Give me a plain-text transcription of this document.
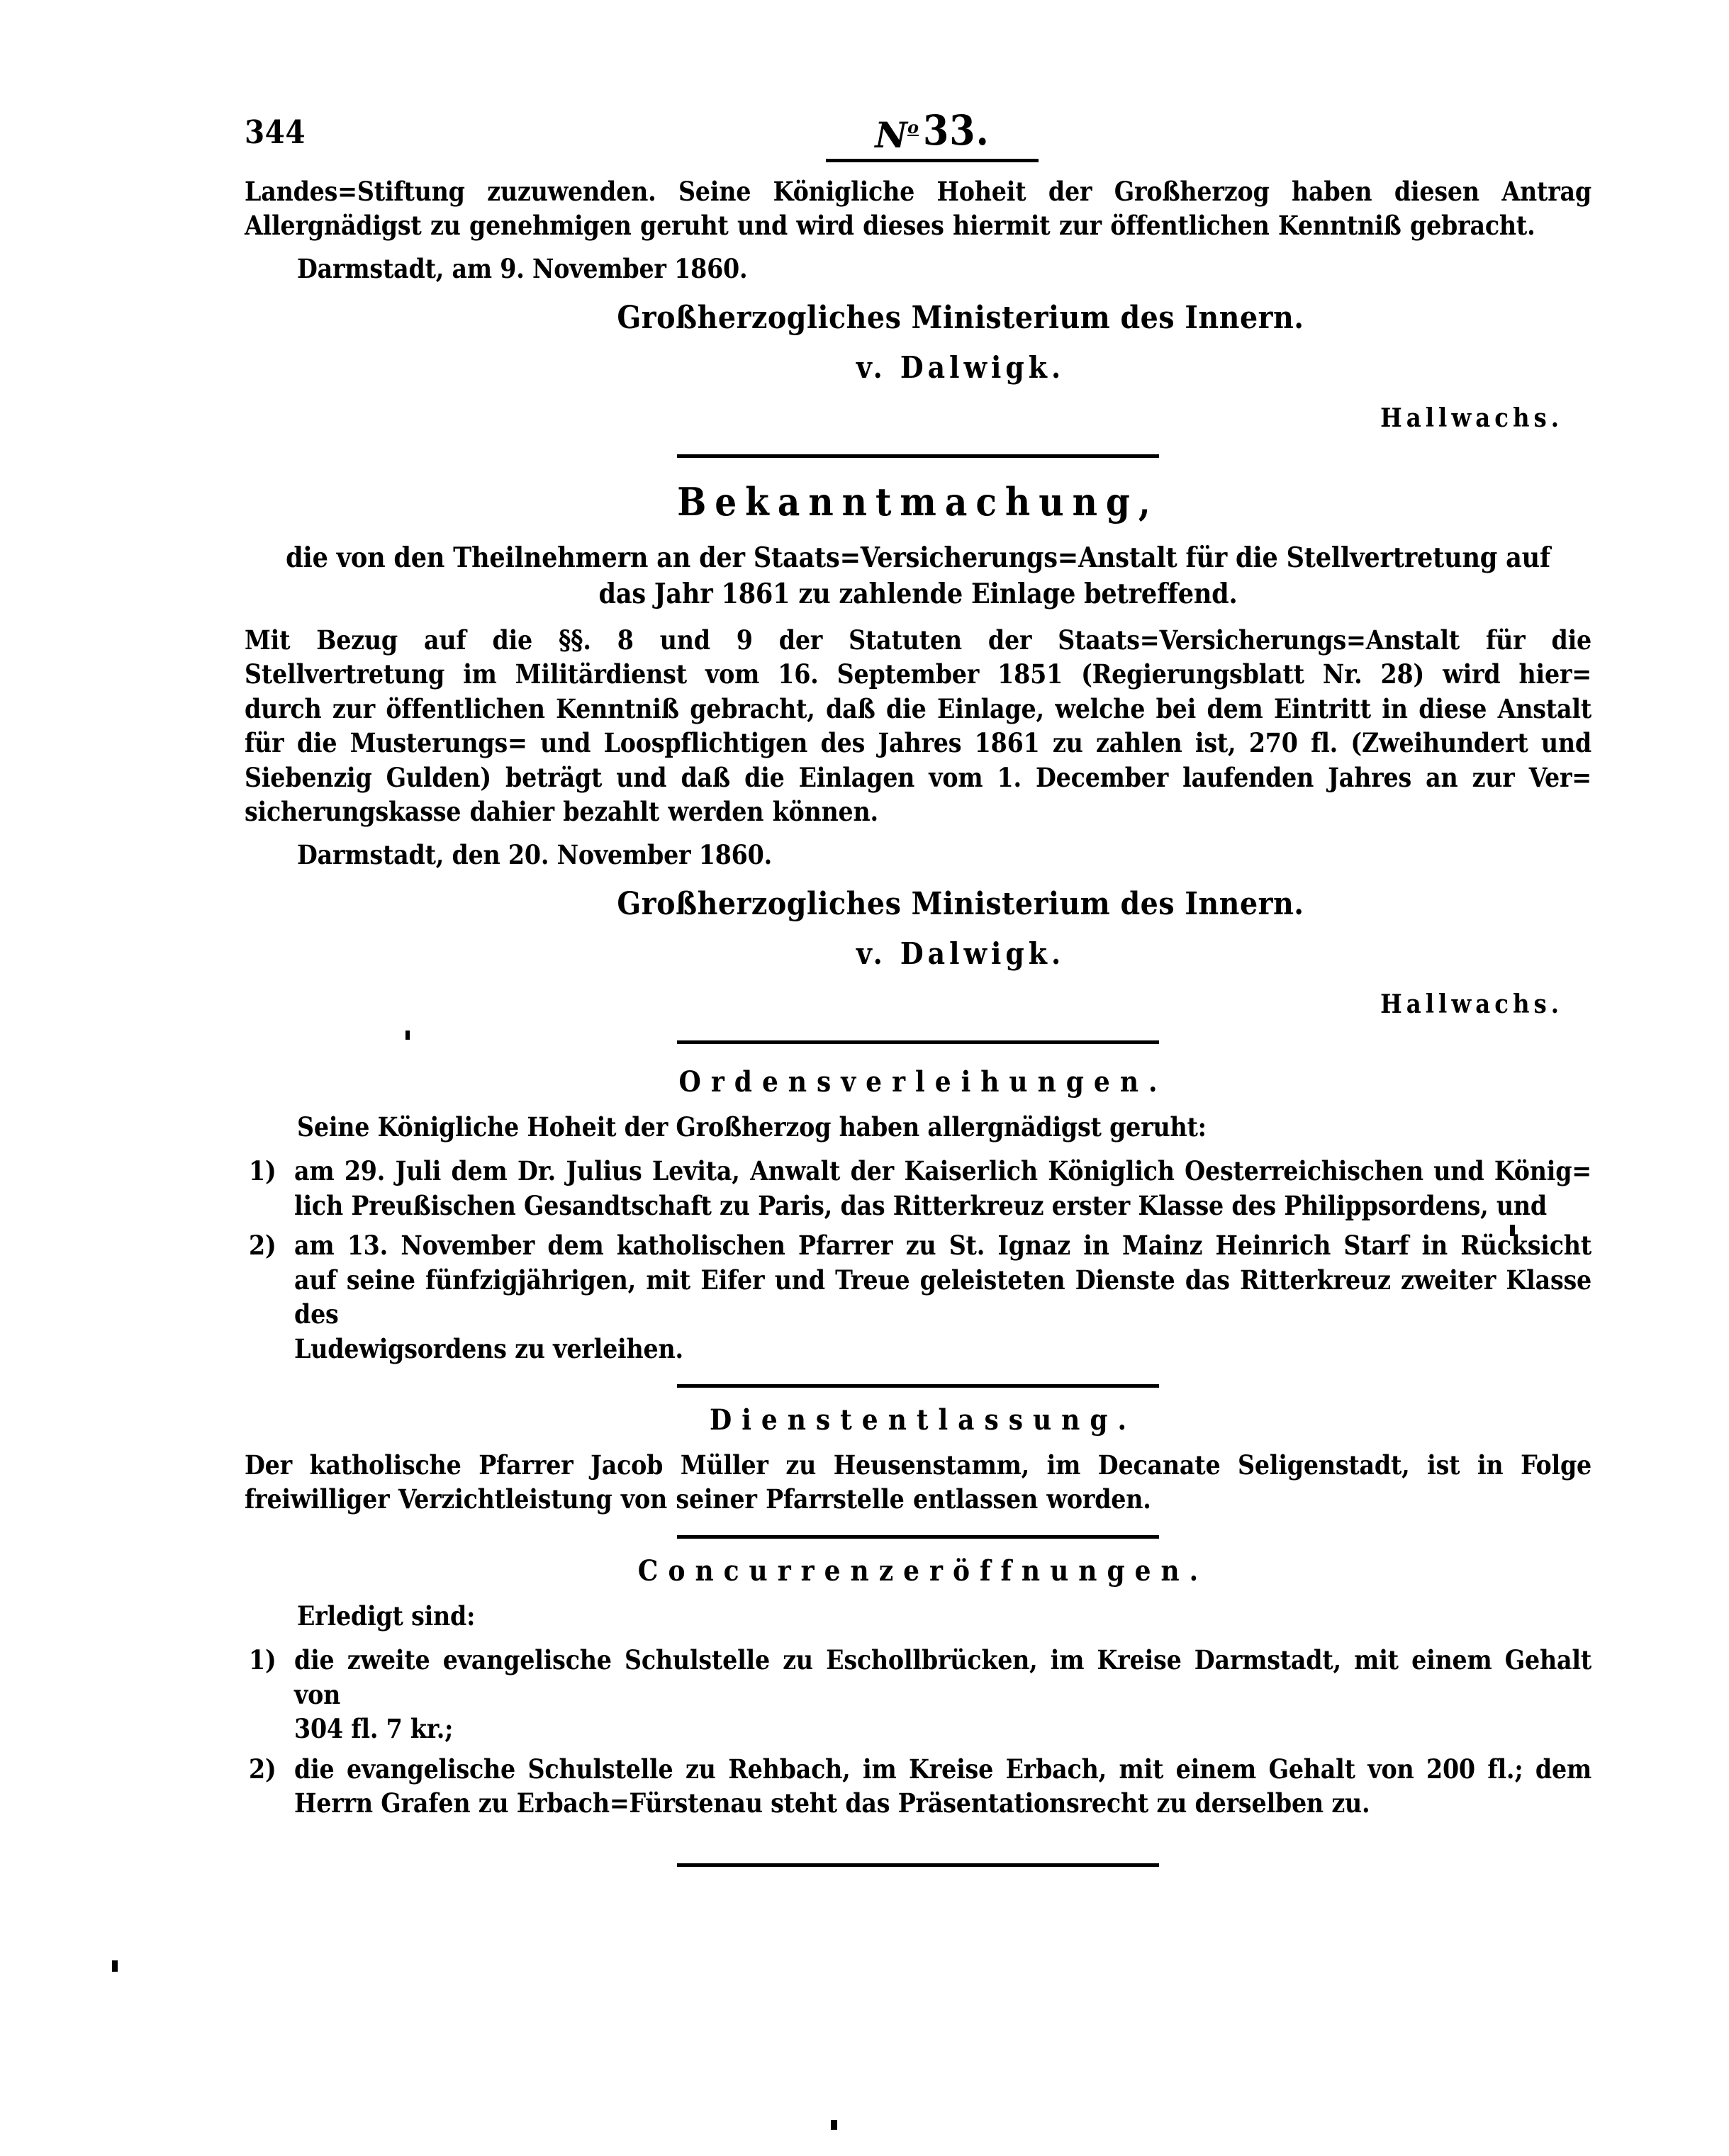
344	$N^o$ 33.

Landes=Stiftung zuzuwenden. Seine Königliche Hoheit der Großherzog haben diesen Antrag
Allergnädigst zu genehmigen geruht und wird dieses hiermit zur öffentlichen Kenntniß gebracht.

Darmstadt, am 9. November 1860.
Großherzogliches Ministerium des Innern.
v. Dalwigk.
Hallwachs.
Bekanntmachung,
die von den Theilnehmern an der Staats=Versicherungs=Anstalt für die Stellvertretung auf
das Jahr 1861 zu zahlende Einlage betreffend.

Mit Bezug auf die §§. 8 und 9 der Statuten der Staats=Versicherungs=Anstalt für die
Stellvertretung im Militärdienst vom 16. September 1851 (Regierungsblatt Nr. 28) wird hier=
durch zur öffentlichen Kenntniß gebracht, daß die Einlage, welche bei dem Eintritt in diese Anstalt
für die Musterungs= und Loospflichtigen des Jahres 1861 zu zahlen ist, 270 fl. (Zweihundert und
Siebenzig Gulden) beträgt und daß die Einlagen vom 1. December laufenden Jahres an zur Ver=
sicherungskasse dahier bezahlt werden können.

Darmstadt, den 20. November 1860.
Großherzogliches Ministerium des Innern.
v. Dalwigk.
Hallwachs.
Ordensverleihungen.
Seine Königliche Hoheit der Großherzog haben allergnädigst geruht:
1) am 29. Juli dem Dr. Julius Levita, Anwalt der Kaiserlich Königlich Oesterreichischen und König=
lich Preußischen Gesandtschaft zu Paris, das Ritterkreuz erster Klasse des Philippsordens, und
2) am 13. November dem katholischen Pfarrer zu St. Ignaz in Mainz Heinrich Starf in Rücksicht
auf seine fünfzigjährigen, mit Eifer und Treue geleisteten Dienste das Ritterkreuz zweiter Klasse des
Ludewigsordens zu verleihen.
Dienstentlassung.

Der katholische Pfarrer Jacob Müller zu Heusenstamm, im Decanate Seligenstadt, ist in Folge
freiwilliger Verzichtleistung von seiner Pfarrstelle entlassen worden.

Concurrenzeröffnungen.
Erledigt sind:
1) die zweite evangelische Schulstelle zu Eschollbrücken, im Kreise Darmstadt, mit einem Gehalt von
304 fl. 7 kr.;
2) die evangelische Schulstelle zu Rehbach, im Kreise Erbach, mit einem Gehalt von 200 fl.; dem
Herrn Grafen zu Erbach=Fürstenau steht das Präsentationsrecht zu derselben zu.
